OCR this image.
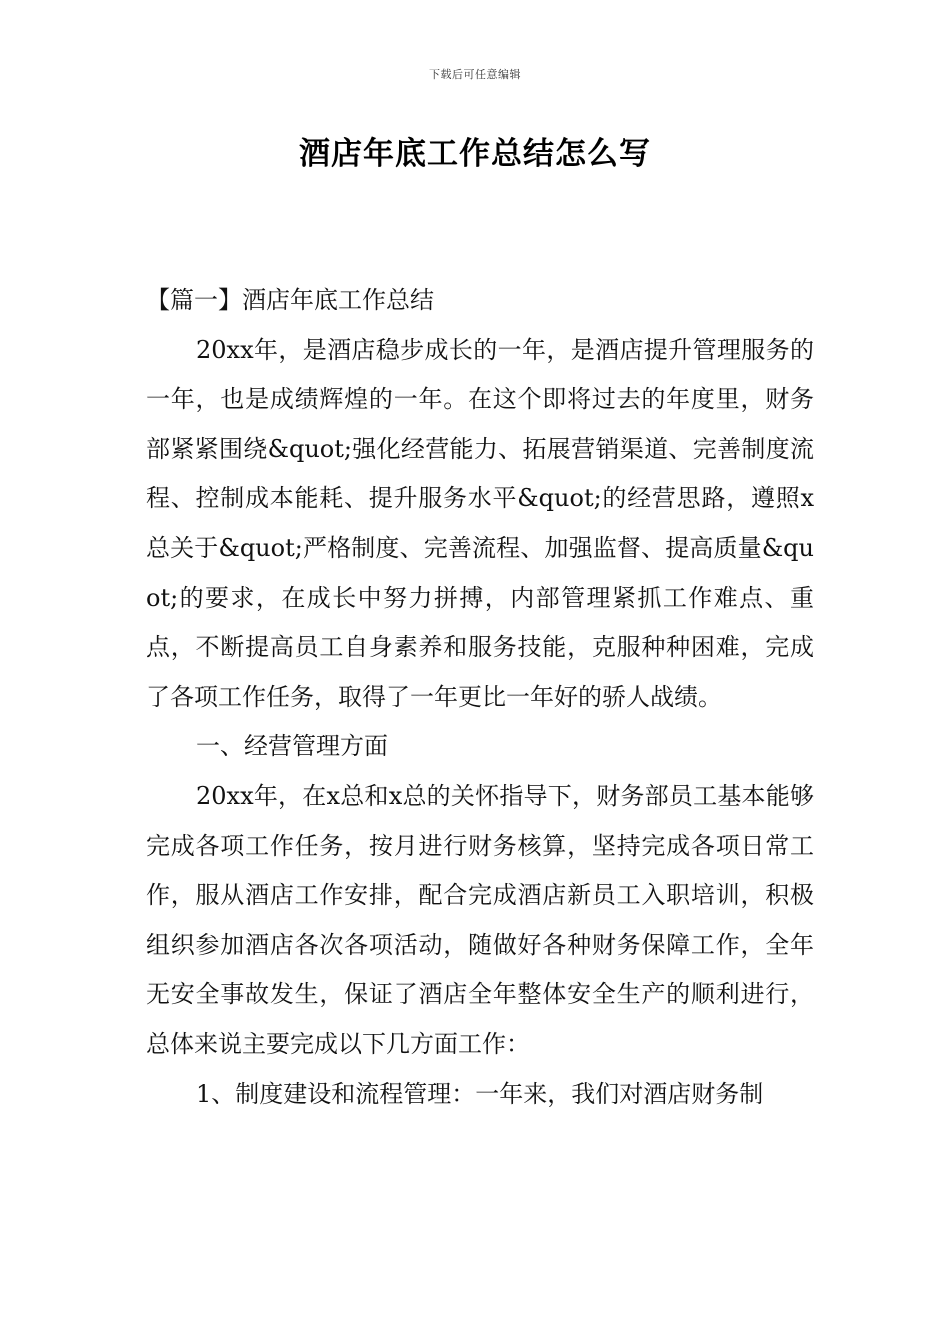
下载后可任意编辑
酒店年底工作总结怎么写

【篇一】酒店年底工作总结

20xx年，是酒店稳步成长的一年，是酒店提升管理服务的一年，也是成绩辉煌的一年。在这个即将过去的年度里，财务部紧紧围绕&quot;强化经营能力、拓展营销渠道、完善制度流程、控制成本能耗、提升服务水平&quot;的经营思路，遵照x总关于&quot;严格制度、完善流程、加强监督、提高质量&quot;的要求，在成长中努力拼搏，内部管理紧抓工作难点、重点，不断提高员工自身素养和服务技能，克服种种困难，完成了各项工作任务，取得了一年更比一年好的骄人战绩。

一、经营管理方面

20xx年，在x总和x总的关怀指导下，财务部员工基本能够完成各项工作任务，按月进行财务核算，坚持完成各项日常工作，服从酒店工作安排，配合完成酒店新员工入职培训，积极组织参加酒店各次各项活动，随做好各种财务保障工作，全年无安全事故发生，保证了酒店全年整体安全生产的顺利进行，总体来说主要完成以下几方面工作：

1、制度建设和流程管理：一年来，我们对酒店财务制
